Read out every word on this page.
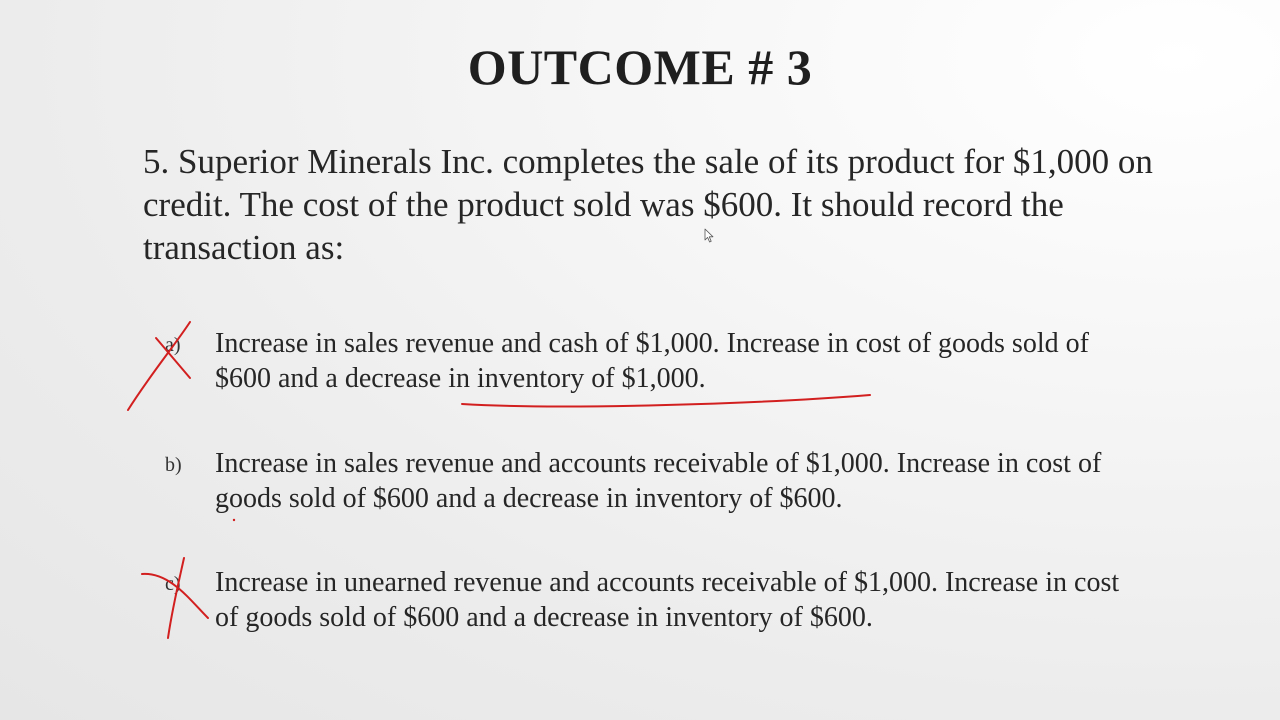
OUTCOME # 3
5. Superior Minerals Inc. completes the sale of its product for $1,000 on credit. The cost of the product sold was $600. It should record the transaction as:
a) Increase in sales revenue and cash of $1,000. Increase in cost of goods sold of $600 and a decrease in inventory of $1,000.
b) Increase in sales revenue and accounts receivable of $1,000. Increase in cost of goods sold of $600 and a decrease in inventory of $600.
c) Increase in unearned revenue and accounts receivable of $1,000. Increase in cost of goods sold of $600 and a decrease in inventory of $600.
